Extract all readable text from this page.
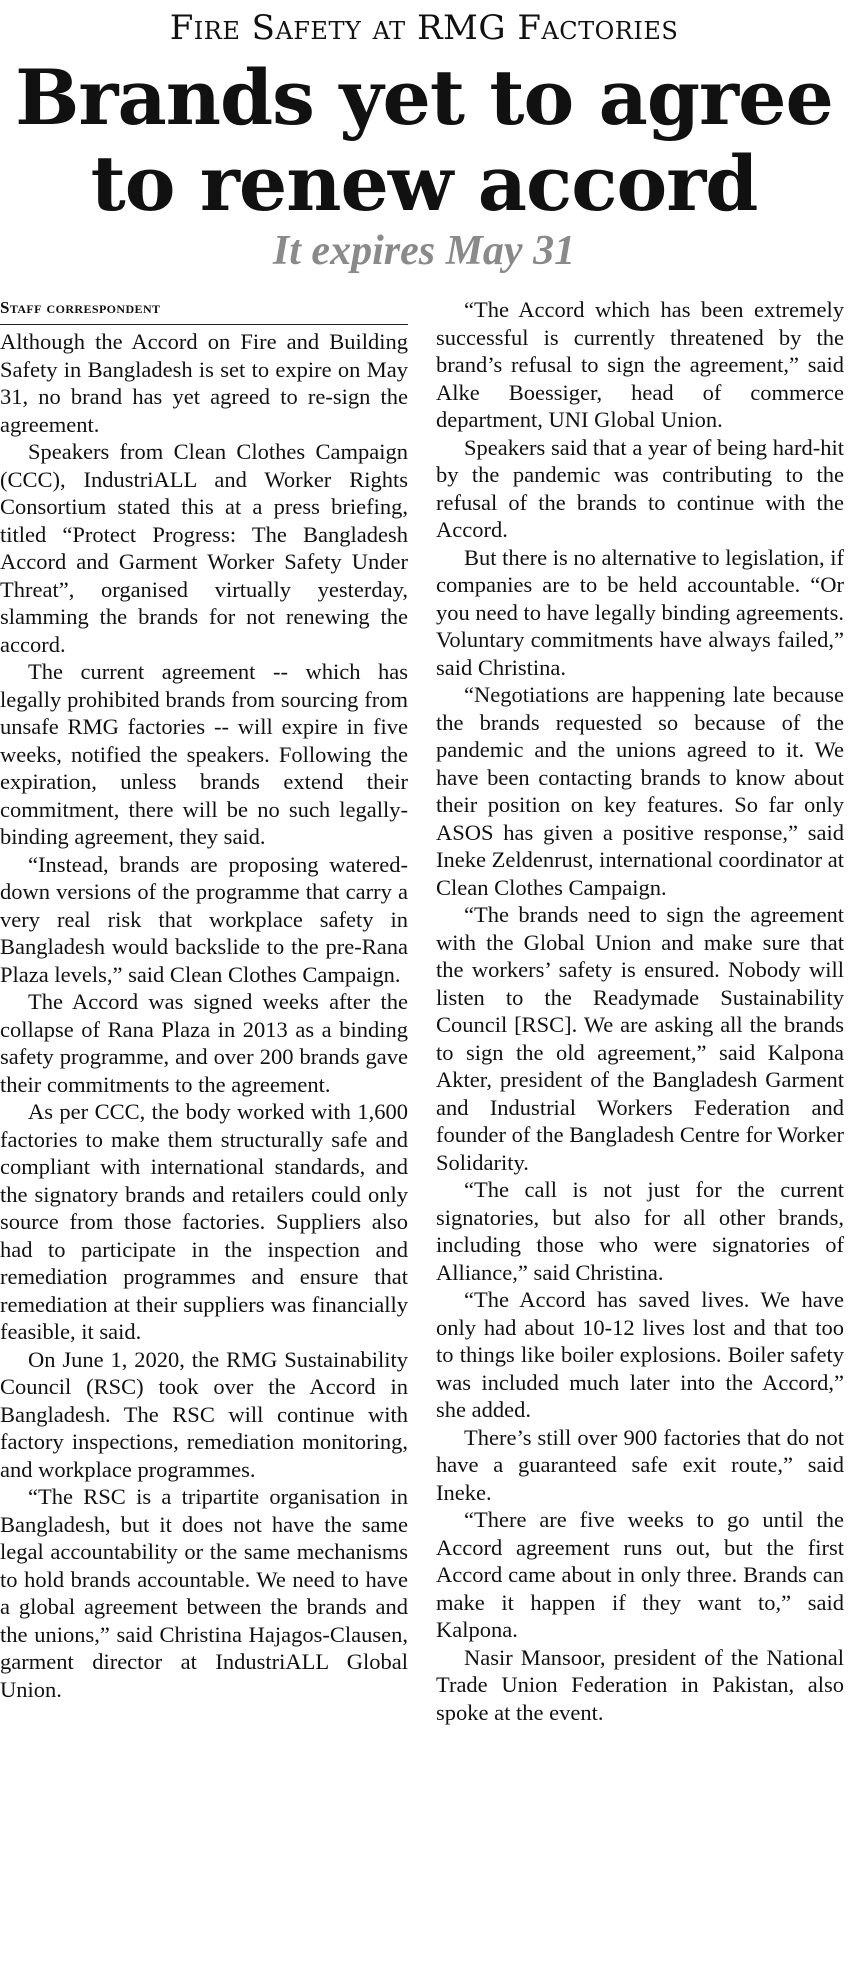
Fire Safety at RMG Factories
Brands yet to agree to renew accord
It expires May 31
Staff correspondent

Although the Accord on Fire and Building Safety in Bangladesh is set to expire on May 31, no brand has yet agreed to re-sign the agreement.

Speakers from Clean Clothes Campaign (CCC), IndustriALL and Worker Rights Consortium stated this at a press briefing, titled “Protect Progress: The Bangladesh Accord and Garment Worker Safety Under Threat”, organised virtually yesterday, slamming the brands for not renewing the accord.

The current agreement -- which has legally prohibited brands from sourcing from unsafe RMG factories -- will expire in five weeks, notified the speakers. Following the expiration, unless brands extend their commitment, there will be no such legally-binding agreement, they said.

“Instead, brands are proposing watered-down versions of the programme that carry a very real risk that workplace safety in Bangladesh would backslide to the pre-Rana Plaza levels,” said Clean Clothes Campaign.

The Accord was signed weeks after the collapse of Rana Plaza in 2013 as a binding safety programme, and over 200 brands gave their commitments to the agreement.

As per CCC, the body worked with 1,600 factories to make them structurally safe and compliant with international standards, and the signatory brands and retailers could only source from those factories. Suppliers also had to participate in the inspection and remediation programmes and ensure that remediation at their suppliers was financially feasible, it said.

On June 1, 2020, the RMG Sustainability Council (RSC) took over the Accord in Bangladesh. The RSC will continue with factory inspections, remediation monitoring, and workplace programmes.

“The RSC is a tripartite organisation in Bangladesh, but it does not have the same legal accountability or the same mechanisms to hold brands accountable. We need to have a global agreement between the brands and the unions,” said Christina Hajagos-Clausen, garment director at IndustriALL Global Union.

“The Accord which has been extremely successful is currently threatened by the brand’s refusal to sign the agreement,” said Alke Boessiger, head of commerce department, UNI Global Union.

Speakers said that a year of being hard-hit by the pandemic was contributing to the refusal of the brands to continue with the Accord.

But there is no alternative to legislation, if companies are to be held accountable. “Or you need to have legally binding agreements. Voluntary commitments have always failed,” said Christina.

“Negotiations are happening late because the brands requested so because of the pandemic and the unions agreed to it. We have been contacting brands to know about their position on key features. So far only ASOS has given a positive response,” said Ineke Zeldenrust, international coordinator at Clean Clothes Campaign.

“The brands need to sign the agreement with the Global Union and make sure that the workers’ safety is ensured. Nobody will listen to the Readymade Sustainability Council [RSC]. We are asking all the brands to sign the old agreement,” said Kalpona Akter, president of the Bangladesh Garment and Industrial Workers Federation and founder of the Bangladesh Centre for Worker Solidarity.

“The call is not just for the current signatories, but also for all other brands, including those who were signatories of Alliance,” said Christina.

“The Accord has saved lives. We have only had about 10-12 lives lost and that too to things like boiler explosions. Boiler safety was included much later into the Accord,” she added.

There’s still over 900 factories that do not have a guaranteed safe exit route,” said Ineke.

“There are five weeks to go until the Accord agreement runs out, but the first Accord came about in only three. Brands can make it happen if they want to,” said Kalpona.

Nasir Mansoor, president of the National Trade Union Federation in Pakistan, also spoke at the event.
